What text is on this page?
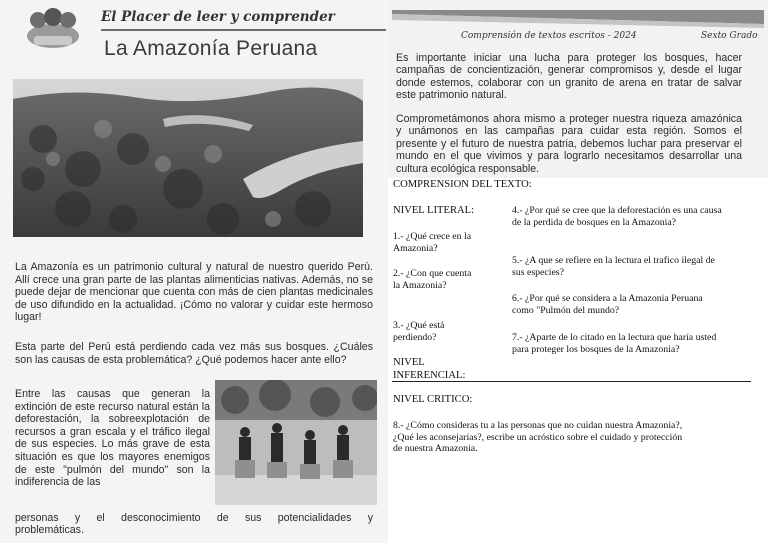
El Placer de leer y comprender
La Amazonía Peruana
La Amazonía es un patrimonio cultural y natural de nuestro querido Perú. Allí crece una gran parte de las plantas alimenticias nativas. Además, no se puede dejar de mencionar que cuenta con más de cien plantas medicinales de uso difundido en la actualidad. ¡Cómo no valorar y cuidar este hermoso lugar!
Esta parte del Perú está perdiendo cada vez más sus bosques. ¿Cuáles son las causas de esta problemática? ¿Qué podemos hacer ante ello?
Entre las causas que generan la extinción de este recurso natural están la deforestación, la sobreexplotación de recursos a gran escala y el tráfico ilegal de sus especies. Lo más grave de esta situación es que los mayores enemigos de este "pulmón del mundo" son la indiferencia de las
personas y el desconocimiento de sus potencialidades y
problemáticas.
Comprensión de textos escritos - 2024	Sexto Grado
Es importante iniciar una lucha para proteger los bosques, hacer campañas de concientización, generar compromisos y, desde el lugar donde estemos, colaborar con un granito de arena en tratar de salvar este patrimonio natural.
Comprometámonos ahora mismo a proteger nuestra riqueza amazónica y unámonos en las campañas para cuidar esta región. Somos el presente y el futuro de nuestra patria, debemos luchar para preservar el mundo en el que vivimos y para lograrlo necesitamos desarrollar una cultura ecológica responsable.
COMPRENSION DEL TEXTO:
NIVEL LITERAL:
1.- ¿Qué crece en la Amazonia?
2.- ¿Con que cuenta la Amazonia?
3.- ¿Qué está perdiendo?
NIVEL INFERENCIAL:
4.- ¿Por qué se cree que la deforestación es una causa de la perdida de bosques en la Amazonia?
5.- ¿A que se refiere en la lectura el trafico ilegal de sus especies?
6.- ¿Por qué se considera a la Amazonia Peruana como "Pulmón del mundo?
7.- ¿Aparte de lo citado en la lectura que haría usted para proteger los bosques de la Amazonia?
NIVEL CRITICO:
8.- ¿Cómo consideras tu a las personas que no cuidan nuestra Amazonia?,¿Qué les aconsejarías?, escribe un acróstico sobre el cuidado y protección de nuestra Amazonia.
